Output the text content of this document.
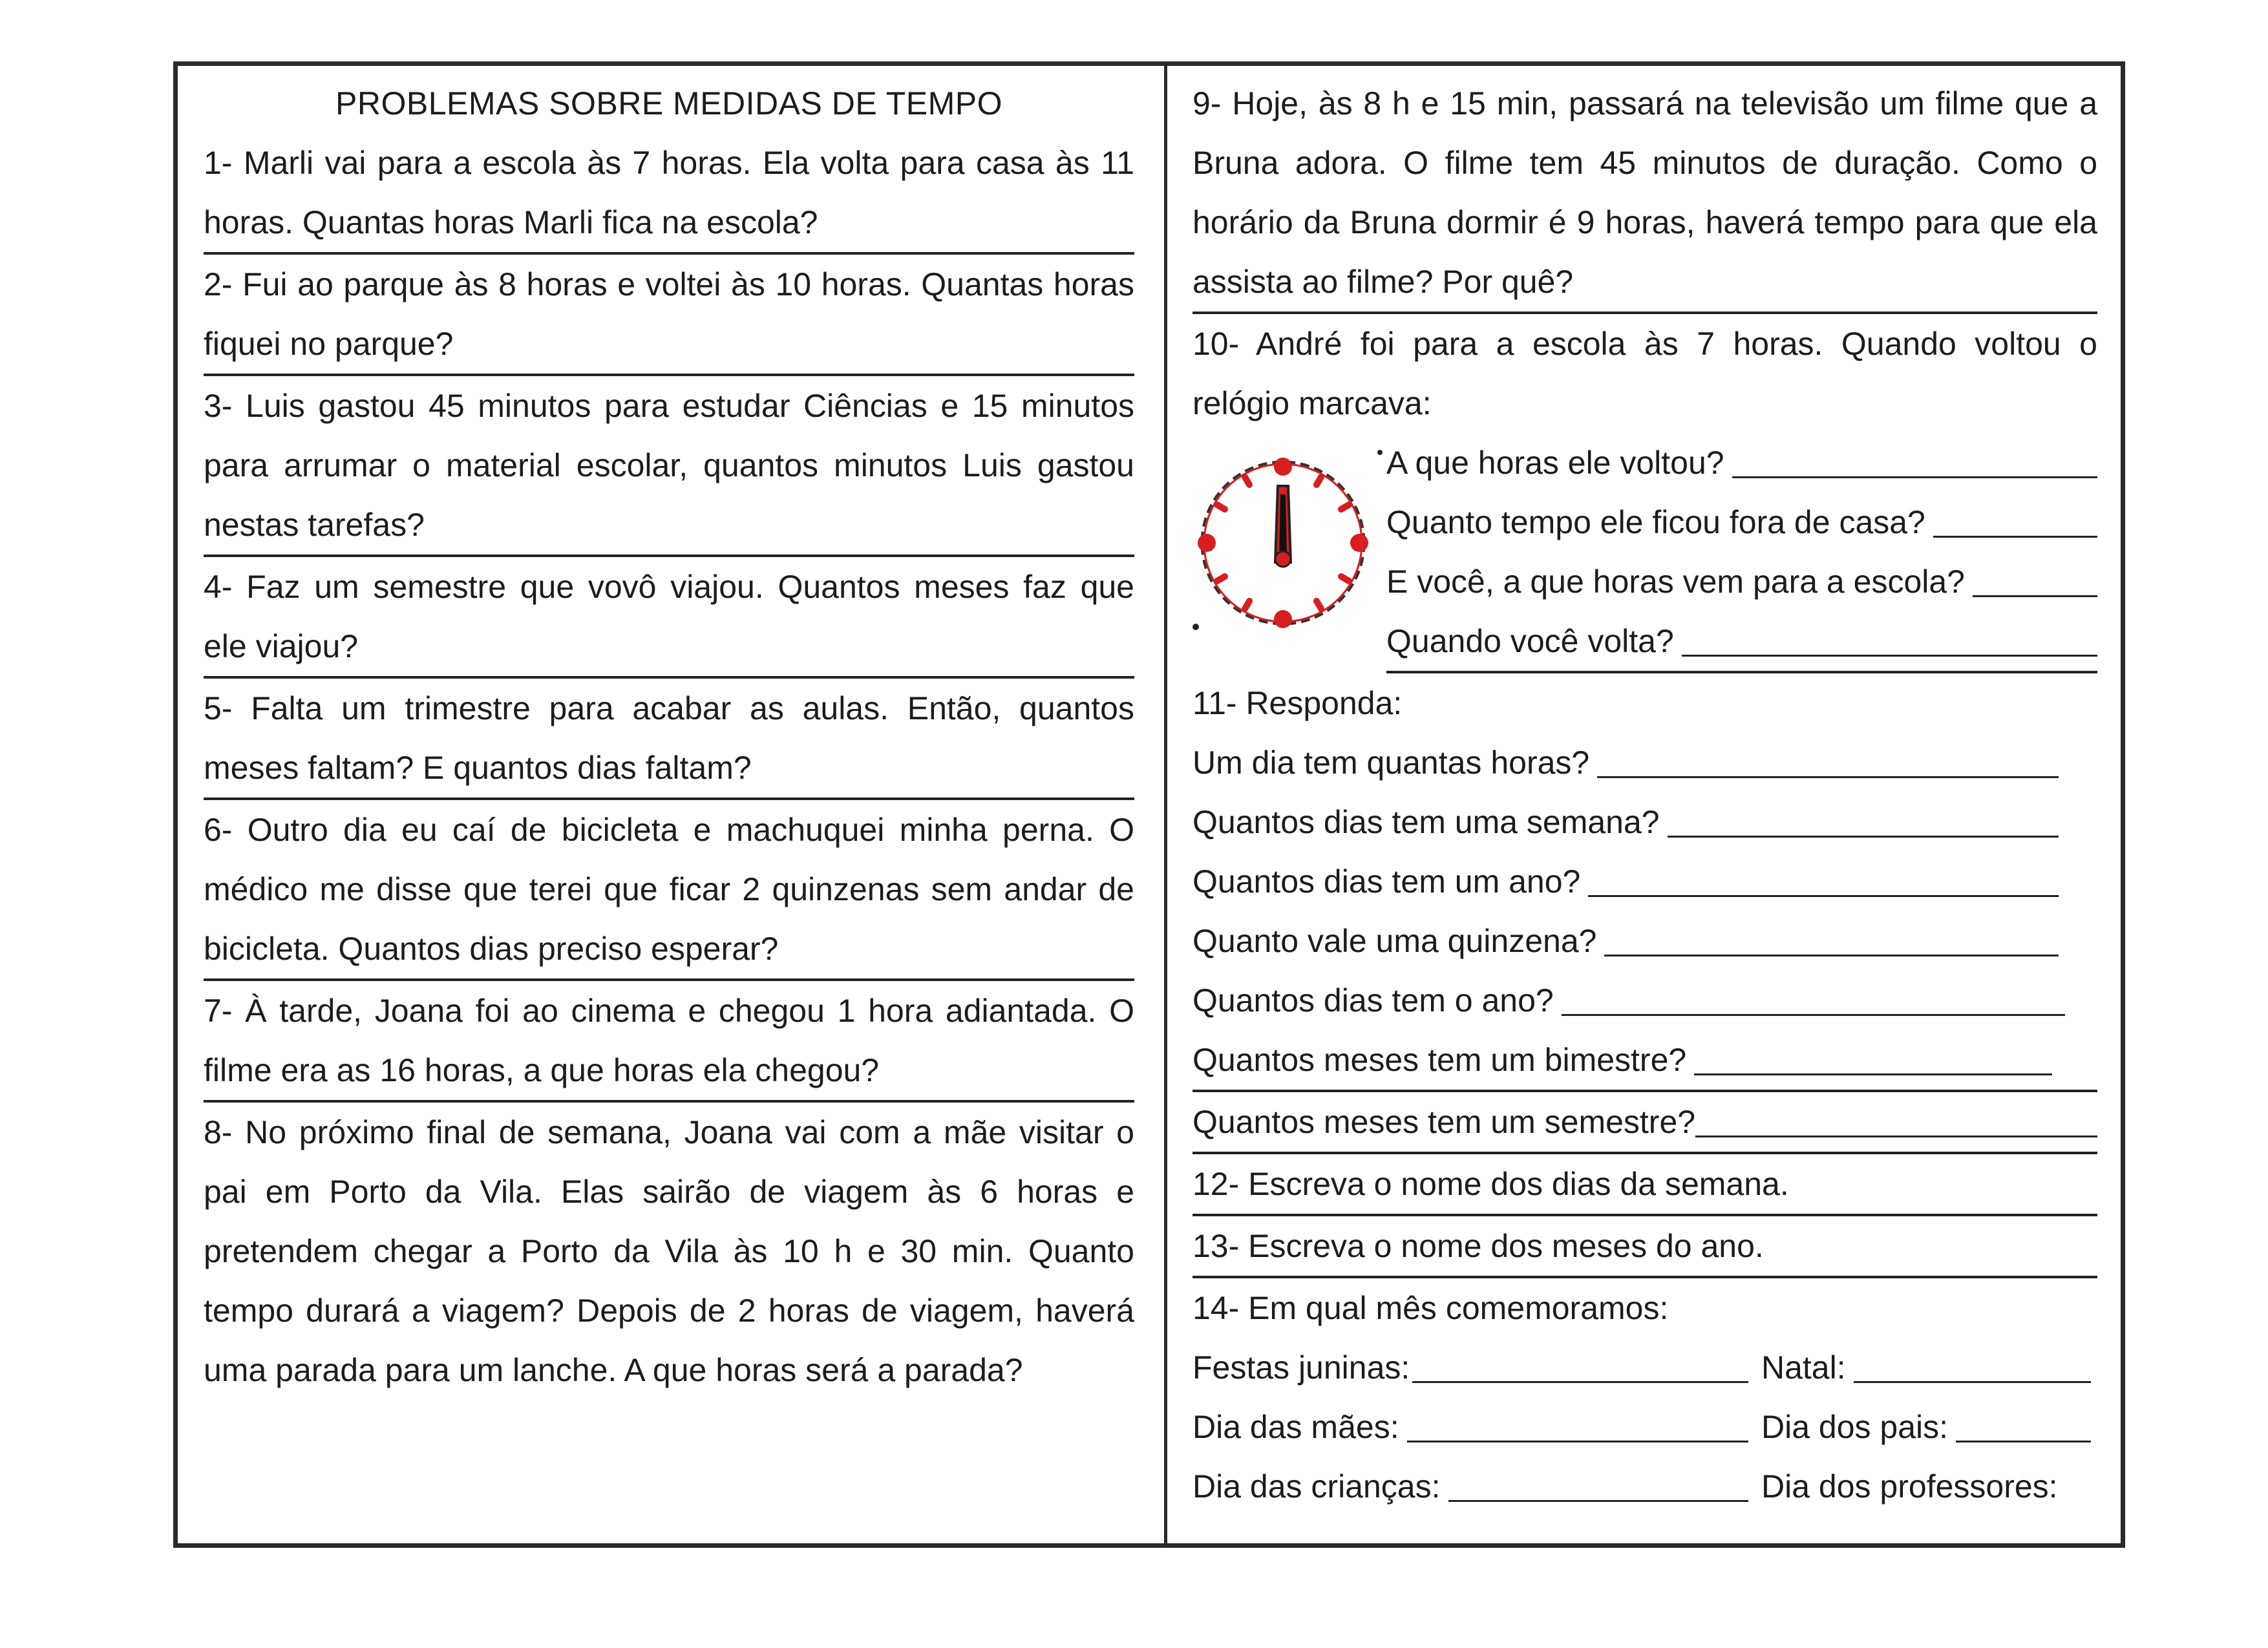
PROBLEMAS SOBRE MEDIDAS DE TEMPO

1- Marli vai para a escola às 7 horas. Ela volta para casa às 11 horas. Quantas horas Marli fica na escola?

2- Fui ao parque às 8 horas e voltei às 10 horas. Quantas horas fiquei no parque?

3- Luis gastou 45 minutos para estudar Ciências e 15 minutos para arrumar o material escolar, quantos minutos Luis gastou nestas tarefas?

4- Faz um semestre que vovô viajou. Quantos meses faz que ele viajou?

5- Falta um trimestre para acabar as aulas. Então, quantos meses faltam? E quantos dias faltam?

6- Outro dia eu caí de bicicleta e machuquei minha perna. O médico me disse que terei que ficar 2 quinzenas sem andar de bicicleta. Quantos dias preciso esperar?

7- À tarde, Joana foi ao cinema e chegou 1 hora adiantada. O filme era as 16 horas, a que horas ela chegou?

8- No próximo final de semana, Joana vai com a mãe visitar o pai em Porto da Vila. Elas sairão de viagem às 6 horas e pretendem chegar a Porto da Vila às 10 h e 30 min. Quanto tempo durará a viagem? Depois de 2 horas de viagem, haverá uma parada para um lanche. A que horas será a parada?

9- Hoje, às 8 h e 15 min, passará na televisão um filme que a Bruna adora. O filme tem 45 minutos de duração. Como o horário da Bruna dormir é 9 horas, haverá tempo para que ela assista ao filme? Por quê?

10- André foi para a escola às 7 horas. Quando voltou o relógio marcava:

A que horas ele voltou?
Quanto tempo ele ficou fora de casa?
E você, a que horas vem para a escola?
Quando você volta?

11- Responda:

Um dia tem quantas horas?
Quantos dias tem uma semana?
Quantos dias tem um ano?
Quanto vale uma quinzena?
Quantos dias tem o ano?
Quantos meses tem um bimestre?
Quantos meses tem um semestre?

12- Escreva o nome dos dias da semana.

13- Escreva o nome dos meses do ano.

14- Em qual mês comemoramos:

Festas juninas:	Natal:
Dia das mães:	Dia dos pais:
Dia das crianças:	Dia dos professores:
